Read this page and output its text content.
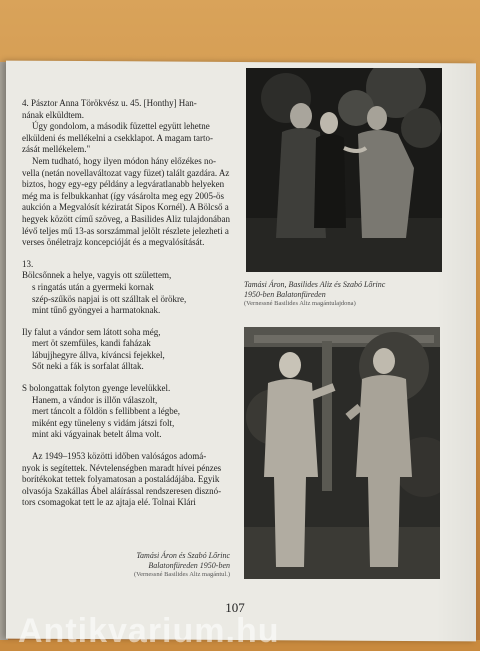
4. Pásztor Anna Törökvész u. 45. [Honthy] Han-

nának elküldtem.

Úgy gondolom, a második füzettel együtt lehetne

elküldeni és mellékelni a csekklapot. A magam tarto-

zását mellékelem."

Nem tudható, hogy ilyen módon hány előzékes no-

vella (netán novellaváltozat vagy füzet) talált gazdára. Az

biztos, hogy egy-egy példány a legváratlanabb helyeken

még ma is felbukkanhat (így vásárolta meg egy 2005-ös

aukción a Megvalósít kéziratát Sipos Kornél). A Bölcső a

hegyek között című szöveg, a Basilides Aliz tulajdonában

lévő teljes mű 13-as sorszámmal jelölt részlete jelezheti a

verses önéletrajz koncepcióját és a megvalósítását.

13.

Bölcsőnnek a helye, vagyis ott születtem,
s ringatás után a gyermeki kornak
szép-szűkös napjai is ott szálltak el örökre,
mint tűnő gyöngyei a harmatoknak.
Ily falut a vándor sem látott soha még,
mert öt szemfüles, kandi faházak
lábujjhegyre állva, kíváncsi fejekkel,
Sőt neki a fák is sorfalat álltak.
S bolongattak folyton gyenge levelükkel.
Hanem, a vándor is illőn válaszolt,
mert táncolt a földön s fellibbent a légbe,
miként egy tüneleny s vidám játszi folt,
mint aki vágyainak betelt álma volt.

Az 1949–1953 közötti időben valóságos adomá-

nyok is segítettek. Névtelenségben maradt hívei pénzes

borítékokat tettek folyamatosan a postaládájába. Egyik

olvasója Szakállas Ábel aláírással rendszeresen disznó-

tors csomagokat tett le az ajtaja elé. Tolnai Klári

Tamási Áron, Basilides Aliz és Szabó Lőrinc
1950-ben Balatonfüreden
(Vernessné Basilides Aliz magántulajdona)
Tamási Áron és Szabó Lőrinc
Balatonfüreden 1950-ben
(Vernessné Basilides Aliz magántul.)
107
Antikvarium.hu
